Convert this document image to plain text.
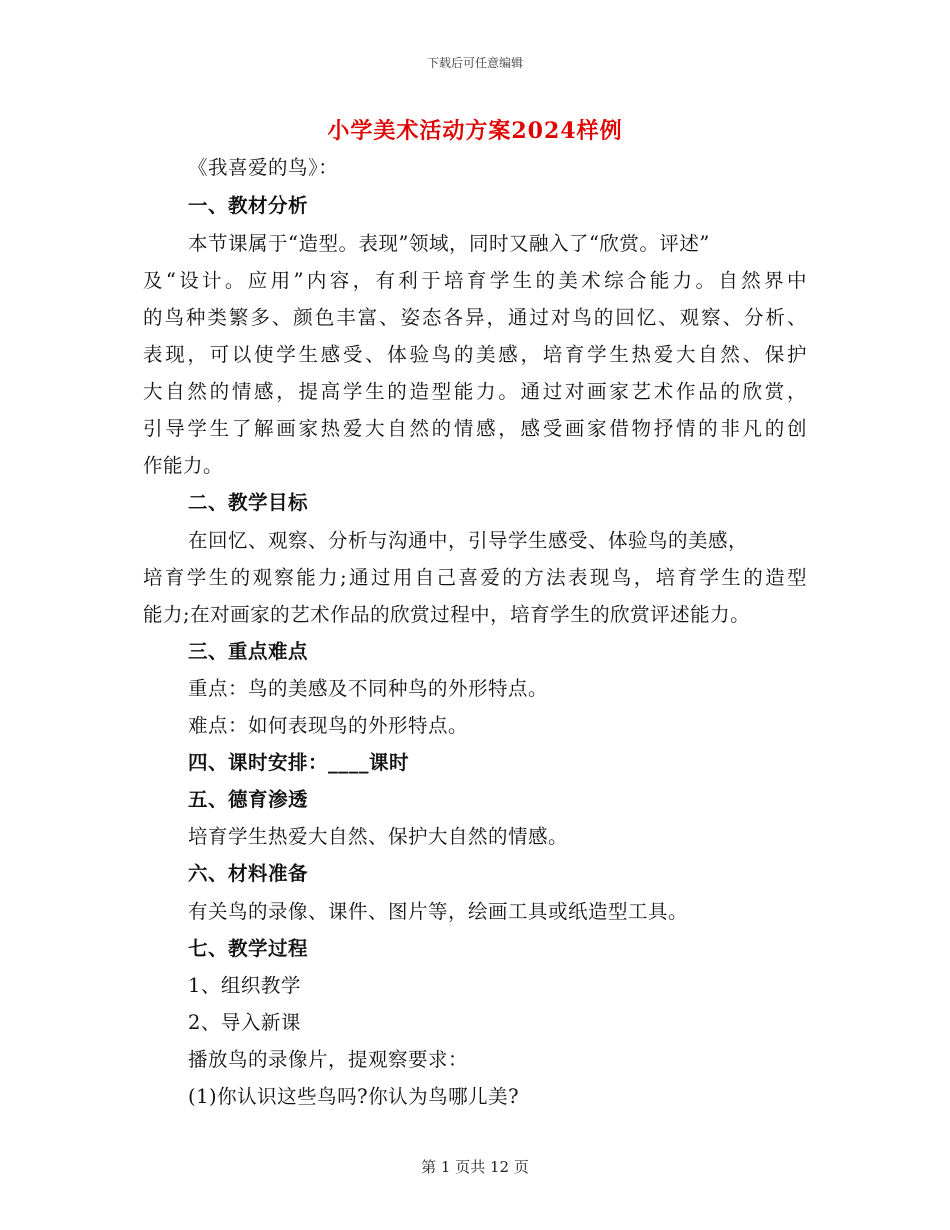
下载后可任意编辑
小学美术活动方案2024样例
《我喜爱的鸟》：
一、教材分析
本节课属于“造型。表现”领域，同时又融入了“欣赏。评述”
及“设计。应用”内容，有利于培育学生的美术综合能力。自然界中
的鸟种类繁多、颜色丰富、姿态各异，通过对鸟的回忆、观察、分析、
表现，可以使学生感受、体验鸟的美感，培育学生热爱大自然、保护
大自然的情感，提高学生的造型能力。通过对画家艺术作品的欣赏，
引导学生了解画家热爱大自然的情感，感受画家借物抒情的非凡的创
作能力。
二、教学目标
在回忆、观察、分析与沟通中，引导学生感受、体验鸟的美感，
培育学生的观察能力;通过用自己喜爱的方法表现鸟，培育学生的造型
能力;在对画家的艺术作品的欣赏过程中，培育学生的欣赏评述能力。
三、重点难点
重点：鸟的美感及不同种鸟的外形特点。
难点：如何表现鸟的外形特点。
四、课时安排：____课时
五、德育渗透
培育学生热爱大自然、保护大自然的情感。
六、材料准备
有关鸟的录像、课件、图片等，绘画工具或纸造型工具。
七、教学过程
1、组织教学
2、导入新课
播放鸟的录像片，提观察要求：
(1)你认识这些鸟吗?你认为鸟哪儿美?
第 1 页共 12 页
